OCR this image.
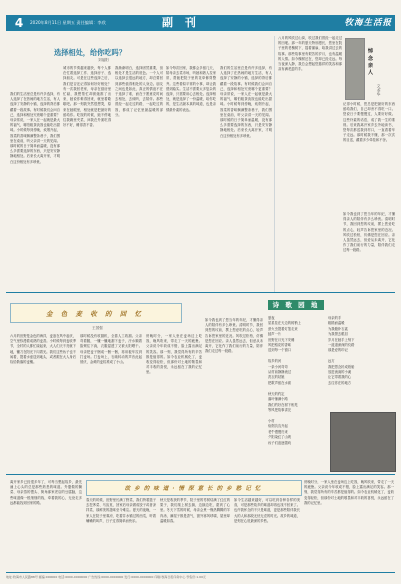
4	2020年8月11日 星期五 责任编辑：李欣	副 刊	牧海生活报
选择相处，给你吃吗？
刘福阳
我们的生活里总是有许多选择，有人选择了在热闹的地方生活，有人选择了安静的小镇，选择的背后都藏着一段故事。有时候我们会问自己，选择和相处究竟哪个更重要？母亲常说，一家人在一起就是最大的福气，哪怕粗茶淡饭也能吃出甜味。小时候每到傍晚，炊烟升起，饭菜的香味飘满整条巷子，我们围坐在桌前，听父亲讲一天的见闻。那时候的日子简单而温暖，没有那么多需要选择的东西，只是安安静静地相处。后来长大离开家，才明白这份相处有多珍贵。
城市的节奏越来越快，每个人都在忙着选择工作、选择房子、选择朋友。可是在这些选择之后，我们是否还记得如何好好相处？有一次我回老家，母亲在厨房里忙碌，我想帮忙却被她推了出来，她说你难得回来，就坐着歇歇吧。那一刻我突然很想哭，原来在她眼里，相处就是把最好的留给你。吃饭的时候，她不停地往我碗里夹菜，问我在外面吃得好不好，睡得香不香。
我渐渐明白，选择固然重要，但相处才是生活的底色。一个人可以选择去很远的地方，却总要回到那些值得相处的人身边。朋友之间也是如此，真正的情谊不在于选择了谁，而在于愿意花时间去相处，去倾听，去陪伴。那些曾经一起走过的路，一起吃过的饭，都成了记忆里最温暖的部分。
如今每次回家，我都会多留几天，陪母亲去菜市场，听她和熟人拉家常，帮她把院子里的花草修剪整齐。这些看似平常的小事，却让我感到踏实。生活不需要太多复杂的选择，只需要用心去相处。选择相处，就是选择了一份温暖，给你吃的，是生活最本真的味道，也是亲情最朴素的表达。
我们的生活里总是有许多选择，有人选择了在热闹的地方生活，有人选择了安静的小镇，选择的背后都藏着一段故事。有时候我们会问自己，选择和相处究竟哪个更重要？母亲常说，一家人在一起就是最大的福气，哪怕粗茶淡饭也能吃出甜味。小时候每到傍晚，炊烟升起，饭菜的香味飘满整条巷子，我们围坐在桌前，听父亲讲一天的见闻。那时候的日子简单而温暖，没有那么多需要选择的东西，只是安安静静地相处。后来长大离开家，才明白这份相处有多珍贵。
八月的风吹过山岗，吹过我们曾经一起走过的田埂。那一年的夏天特别漫长，您坐在院子里的老槐树下，摇着蒲扇，给我讲过去的故事。那些故事里有艰苦的岁月，也有温暖的人情。如今槐树还在，您却已经走远。每当夜深人静，我总会想起您慈祥的笑容和那双布满老茧的手。	悼念亲人
文/李华
记得小时候，您总是把最好的东西留给我们，自己却舍不得吃一口。您说日子要慢慢过，人要好好做。这些朴素的话语，成了我一生的准则。后来我离开家乡去外地读书，您每次都送我到村口，一直看着车子走远。那时候我不懂，那一次次的目送，藏着多少牵挂和不舍。
如今我也到了您当年的年纪，才懂得亲人的陪伴有多么珍贵。清明时节，我回到您的坟前，摆上您爱吃的点心，轻声告诉您家里的近况。风吹过松柏，仿佛是您在回应。亲人虽然远去，但爱从未离开，它化作了我们前行的力量，陪伴我们走过每一段路。
金 色 麦 收 的 回 忆
王国强
六月的田野是金色的海洋，麦浪在风中起伏，空气里弥漫着成熟的麦香。小时候每到麦收季节，全村的人都忙碌起来，大人们天不亮就下地，镰刀在阳光下闪着光。我们这些孩子也不闲着，提着水壶送到地头，或者跟在大人身后捡拾散落的麦穗。
那时候没有收割机，全靠人工收割。父亲弯着腰，一镰一镰地割下麦子，汗水顺着脸颊往下淌，衣服湿透了又被太阳晒干。母亲把麦子捆成一捆一捆，再用板车拉到打麦场。打麦场上，石磙转动的声音此起彼伏，金黄的麦粒堆成了小山。
傍晚时分，一家人坐在麦场边上吃饭，晚风吹来，带走了一天的疲惫。父亲说今年收成不错，脸上露出满足的笑容。那一刻，我觉得所有的辛苦都是值得的。如今农业机械化了，麦收变得轻松，但那份对土地的敬畏和对丰收的喜悦，永远留在了我的记忆里。
如今我也到了您当年的年纪，才懂得亲人的陪伴有多么珍贵。清明时节，我回到您的坟前，摆上您爱吃的点心，轻声告诉您家里的近况。风吹过松柏，仿佛是您在回应。亲人虽然远去，但爱从未离开，它化作了我们前行的力量，陪伴我们走过每一段路。
诗 歌 园 地
夏夜
星星挂在天边的树梢上
萤火虫提着灯笼走来
蛙声一片
田野在月光下安睡
风把稻花的香味
送到每一个窗口

故乡的河
一条小河弯弯
从村前静静流过
洗衣的姑娘
把歌声留在水面
母亲的手
粗糙而温暖
为我缝补衣裳
为我擦去眼泪
岁月在她手上刻下
一道道深深的纹路
那是爱的印记

远方
我把思念折成纸船
放进流淌的小溪
让它带着我的心
去往你在的地方
秋天的约定
落叶铺满小路
我们约好在树下相见
等风把故事讲完

小村
炊烟袅袅升起
老牛慢慢归来
夕阳染红了山坡
孩子们追逐嬉戏
离开家乡已经很多年了，可每当想起故乡，最先涌上心头的总是那些熟悉的味道。外婆做的腌菜、母亲蒸的馒头、街角那家老店的豆腐脑，这些味道像一根细细的线，牵着我的心，无论走多远都能找到回家的路。
故 乡 的 味 道 · 情 深 意 长 的 乡 愁 记 忆
春天的时候，田野里长满了野菜，我们挎着篮子去挖荠菜、马齿苋，回家后母亲做成饺子或者凉拌菜，那鲜美的滋味至今难忘。夏天的夜晚，一家人在院子里乘凉，吃着井水镇过的西瓜，听着蛐蛐的叫声，日子过得简单而快乐。
秋天是收获的季节，院子里的枣树结满了红红的果子，我们爬上树去摘，边摘边吃，甜到了心里。冬天下雪的时候，母亲会煮一锅热腾腾的羊肉汤，满屋子都是香气，窗外寒风呼啸，屋里却温暖如春。
如今生活越来越好，可以吃到各种各样的美食，可是那些故乡的味道却再也找不回来了。也许我怀念的不只是味道，更是那些陪伴我长大的人和那段无忧无虑的时光。故乡的味道，是刻在心底最深的乡愁。
傍晚时分，一家人坐在麦场边上吃饭，晚风吹来，带走了一天的疲惫。父亲说今年收成不错，脸上露出满足的笑容。那一刻，我觉得所有的辛苦都是值得的。如今农业机械化了，麦收变得轻松，但那份对土地的敬畏和对丰收的喜悦，永远留在了我的记忆里。
地址:牧海市人民路88号 邮编:000000 电话:0000-0000000 广告热线:0000-0000000 发行:0000-0000000 印刷:牧海日报印务中心 零售价:1.00元
